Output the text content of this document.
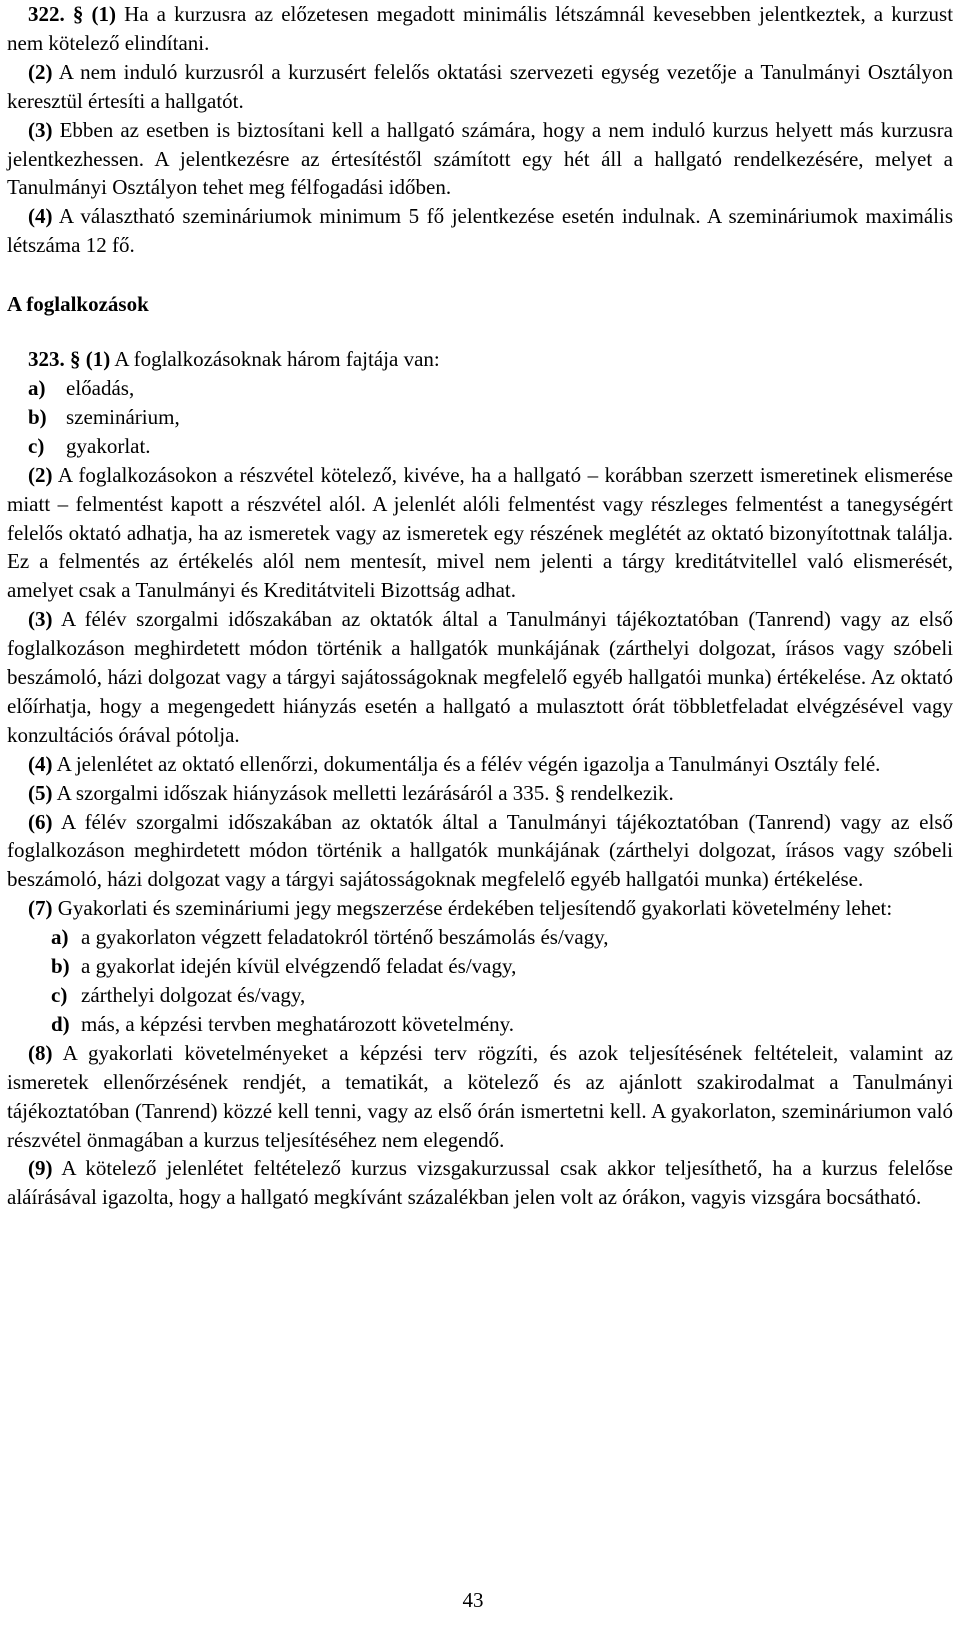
322. § (1) Ha a kurzusra az előzetesen megadott minimális létszámnál kevesebben jelentkeztek, a kurzust nem kötelező elindítani.

(2) A nem induló kurzusról a kurzusért felelős oktatási szervezeti egység vezetője a Tanulmányi Osztályon keresztül értesíti a hallgatót.

(3) Ebben az esetben is biztosítani kell a hallgató számára, hogy a nem induló kurzus helyett más kurzusra jelentkezhessen. A jelentkezésre az értesítéstől számított egy hét áll a hallgató rendelkezésére, melyet a Tanulmányi Osztályon tehet meg félfogadási időben.

(4) A választható szemináriumok minimum 5 fő jelentkezése esetén indulnak. A szemináriumok maximális létszáma 12 fő.

A foglalkozások

323. § (1) A foglalkozásoknak három fajtája van:

a) előadás,
b) szeminárium,
c) gyakorlat.

(2) A foglalkozásokon a részvétel kötelező, kivéve, ha a hallgató – korábban szerzett ismeretinek elismerése miatt – felmentést kapott a részvétel alól. A jelenlét alóli felmentést vagy részleges felmentést a tanegységért felelős oktató adhatja, ha az ismeretek vagy az ismeretek egy részének meglétét az oktató bizonyítottnak találja. Ez a felmentés az értékelés alól nem mentesít, mivel nem jelenti a tárgy kreditátvitellel való elismerését, amelyet csak a Tanulmányi és Kreditátviteli Bizottság adhat.

(3) A félév szorgalmi időszakában az oktatók által a Tanulmányi tájékoztatóban (Tanrend) vagy az első foglalkozáson meghirdetett módon történik a hallgatók munkájának (zárthelyi dolgozat, írásos vagy szóbeli beszámoló, házi dolgozat vagy a tárgyi sajátosságoknak megfelelő egyéb hallgatói munka) értékelése. Az oktató előírhatja, hogy a megengedett hiányzás esetén a hallgató a mulasztott órát többletfeladat elvégzésével vagy konzultációs órával pótolja.

(4) A jelenlétet az oktató ellenőrzi, dokumentálja és a félév végén igazolja a Tanulmányi Osztály felé.

(5) A szorgalmi időszak hiányzások melletti lezárásáról a 335. § rendelkezik.

(6) A félév szorgalmi időszakában az oktatók által a Tanulmányi tájékoztatóban (Tanrend) vagy az első foglalkozáson meghirdetett módon történik a hallgatók munkájának (zárthelyi dolgozat, írásos vagy szóbeli beszámoló, házi dolgozat vagy a tárgyi sajátosságoknak megfelelő egyéb hallgatói munka) értékelése.

(7) Gyakorlati és szemináriumi jegy megszerzése érdekében teljesítendő gyakorlati követelmény lehet:

a) a gyakorlaton végzett feladatokról történő beszámolás és/vagy,
b) a gyakorlat idején kívül elvégzendő feladat és/vagy,
c) zárthelyi dolgozat és/vagy,
d) más, a képzési tervben meghatározott követelmény.

(8) A gyakorlati követelményeket a képzési terv rögzíti, és azok teljesítésének feltételeit, valamint az ismeretek ellenőrzésének rendjét, a tematikát, a kötelező és az ajánlott szakirodalmat a Tanulmányi tájékoztatóban (Tanrend) közzé kell tenni, vagy az első órán ismertetni kell. A gyakorlaton, szemináriumon való részvétel önmagában a kurzus teljesítéséhez nem elegendő.

(9) A kötelező jelenlétet feltételező kurzus vizsgakurzussal csak akkor teljesíthető, ha a kurzus felelőse aláírásával igazolta, hogy a hallgató megkívánt százalékban jelen volt az órákon, vagyis vizsgára bocsátható.

43
